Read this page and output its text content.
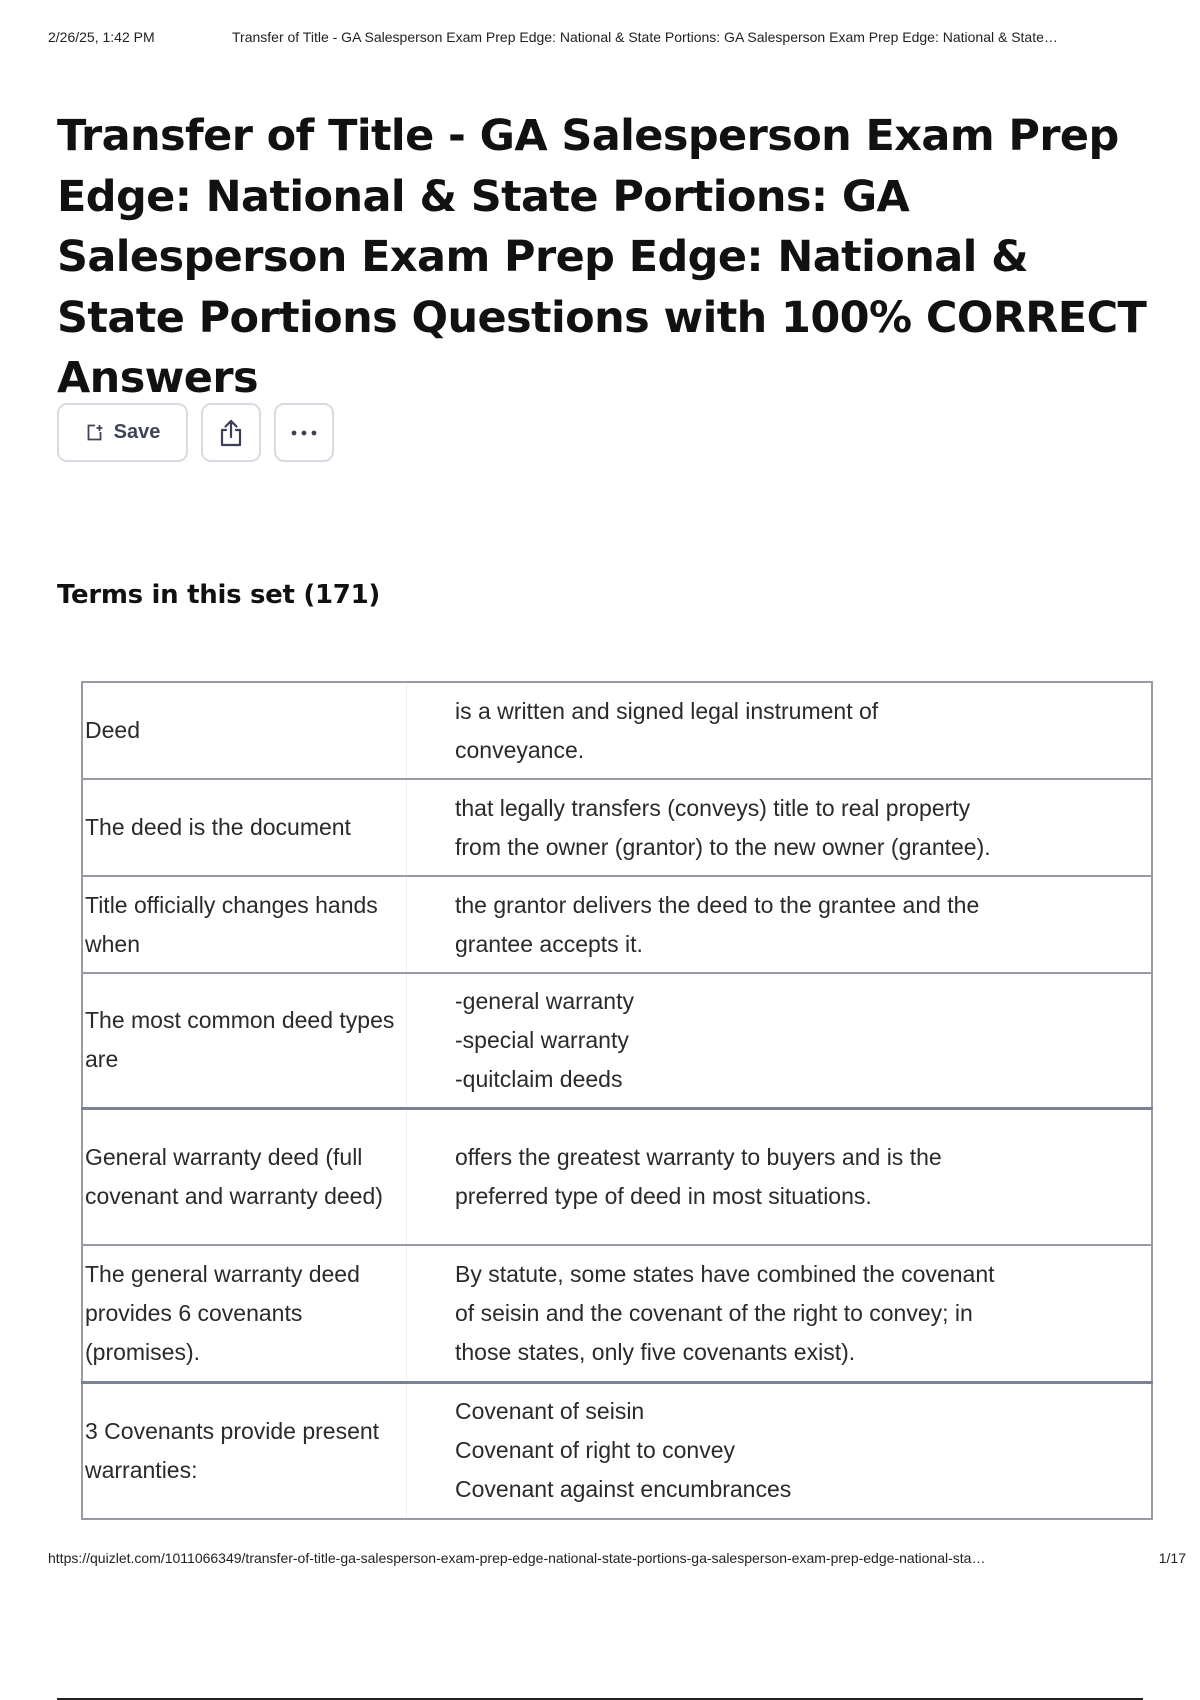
2/26/25, 1:42 PM	Transfer of Title - GA Salesperson Exam Prep Edge: National & State Portions: GA Salesperson Exam Prep Edge: National & State…
Transfer of Title - GA Salesperson Exam Prep Edge: National & State Portions: GA Salesperson Exam Prep Edge: National & State Portions Questions with 100% CORRECT Answers
Save
Terms in this set (171)
Deed	is a written and signed legal instrument of
conveyance.

The deed is the document	that legally transfers (conveys) title to real property
from the owner (grantor) to the new owner (grantee).

Title officially changes hands when	the grantor delivers the deed to the grantee and the
grantee accepts it.

The most common deed types are	-general warranty
-special warranty
-quitclaim deeds

General warranty deed (full covenant and warranty deed)	offers the greatest warranty to buyers and is the
preferred type of deed in most situations.

The general warranty deed provides 6 covenants (promises).	By statute, some states have combined the covenant
of seisin and the covenant of the right to convey; in
those states, only five covenants exist).

3 Covenants provide present warranties:	Covenant of seisin
Covenant of right to convey
Covenant against encumbrances
https://quizlet.com/1011066349/transfer-of-title-ga-salesperson-exam-prep-edge-national-state-portions-ga-salesperson-exam-prep-edge-national-sta…	1/17
